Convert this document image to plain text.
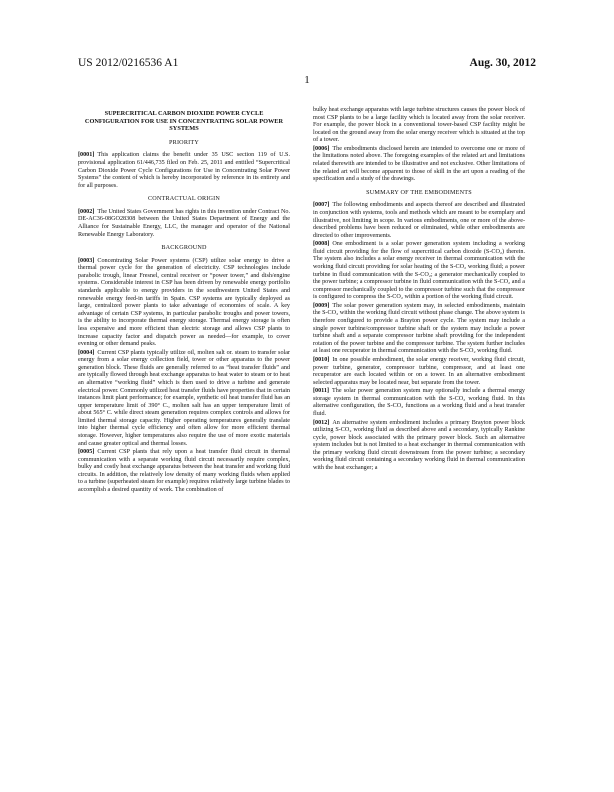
US 2012/0216536 A1	Aug. 30, 2012
1
SUPERCRITICAL CARBON DIOXIDE POWER CYCLE CONFIGURATION FOR USE IN CONCENTRATING SOLAR POWER SYSTEMS
PRIORITY
[0001] This application claims the benefit under 35 USC section 119 of U.S. provisional application 61/446,735 filed on Feb. 25, 2011 and entitled “Supercritical Carbon Dioxide Power Cycle Configurations for Use in Concentrating Solar Power Systems” the content of which is hereby incorporated by reference in its entirety and for all purposes.
CONTRACTUAL ORIGIN
[0002] The United States Government has rights in this invention under Contract No. DE-AC36-08GO28308 between the United States Department of Energy and the Alliance for Sustainable Energy, LLC, the manager and operator of the National Renewable Energy Laboratory.
BACKGROUND
[0003] Concentrating Solar Power systems (CSP) utilize solar energy to drive a thermal power cycle for the generation of electricity. CSP technologies include parabolic trough, linear Fresnel, central receiver or “power tower,” and dish/engine systems. Considerable interest in CSP has been driven by renewable energy portfolio standards applicable to energy providers in the southwestern United States and renewable energy feed-in tariffs in Spain. CSP systems are typically deployed as large, centralized power plants to take advantage of economies of scale. A key advantage of certain CSP systems, in particular parabolic troughs and power towers, is the ability to incorporate thermal energy storage. Thermal energy storage is often less expensive and more efficient than electric storage and allows CSP plants to increase capacity factor and dispatch power as needed—for example, to cover evening or other demand peaks.
[0004] Current CSP plants typically utilize oil, molten salt or. steam to transfer solar energy from a solar energy collection field, tower or other apparatus to the power generation block. These fluids are generally referred to as “heat transfer fluids” and are typically flowed through heat exchange apparatus to heat water to steam or to heat an alternative “working fluid” which is then used to drive a turbine and generate electrical power. Commonly utilized heat transfer fluids have properties that in certain instances limit plant performance; for example, synthetic oil heat transfer fluid has an upper temperature limit of 390° C., molten salt has an upper temperature limit of about 565° C. while direct steam generation requires complex controls and allows for limited thermal storage capacity. Higher operating temperatures generally translate into higher thermal cycle efficiency and often allow for more efficient thermal storage. However, higher temperatures also require the use of more exotic materials and cause greater optical and thermal losses.
[0005] Current CSP plants that rely upon a heat transfer fluid circuit in thermal communication with a separate working fluid circuit necessarily require complex, bulky and costly heat exchange apparatus between the heat transfer and working fluid circuits. In addition, the relatively low density of many working fluids when applied to a turbine (superheated steam for example) requires relatively large turbine blades to accomplish a desired quantity of work. The combination of
bulky heat exchange apparatus with large turbine structures causes the power block of most CSP plants to be a large facility which is located away from the solar receiver. For example, the power block in a conventional tower-based CSP facility might be located on the ground away from the solar energy receiver which is situated at the top of a tower.
[0006] The embodiments disclosed herein are intended to overcome one or more of the limitations noted above. The foregoing examples of the related art and limitations related therewith are intended to be illustrative and not exclusive. Other limitations of the related art will become apparent to those of skill in the art upon a reading of the specification and a study of the drawings.
SUMMARY OF THE EMBODIMENTS
[0007] The following embodiments and aspects thereof are described and illustrated in conjunction with systems, tools and methods which are meant to be exemplary and illustrative, not limiting in scope. In various embodiments, one or more of the above-described problems have been reduced or eliminated, while other embodiments are directed to other improvements.
[0008] One embodiment is a solar power generation system including a working fluid circuit providing for the flow of supercritical carbon dioxide (S-CO₂) therein. The system also includes a solar energy receiver in thermal communication with the working fluid circuit providing for solar heating of the S-CO₂ working fluid; a power turbine in fluid communication with the S-CO₂; a generator mechanically coupled to the power turbine; a compressor turbine in fluid communication with the S-CO₂ and a compressor mechanically coupled to the compressor turbine such that the compressor is configured to compress the S-CO₂ within a portion of the working fluid circuit.
[0009] The solar power generation system may, in selected embodiments, maintain the S-CO₂ within the working fluid circuit without phase change. The above system is therefore configured to provide a Brayton power cycle. The system may include a single power turbine/compressor turbine shaft or the system may include a power turbine shaft and a separate compressor turbine shaft providing for the independent rotation of the power turbine and the compressor turbine. The system further includes at least one recuperator in thermal communication with the S-CO₂ working fluid.
[0010] In one possible embodiment, the solar energy receiver, working fluid circuit, power turbine, generator, compressor turbine, compressor, and at least one recuperator are each located within or on a tower. In an alternative embodiment selected apparatus may be located near, but separate from the tower.
[0011] The solar power generation system may optionally include a thermal energy storage system in thermal communication with the S-CO₂ working fluid. In this alternative configuration, the S-CO₂ functions as a working fluid and a heat transfer fluid.
[0012] An alternative system embodiment includes a primary Brayton power block utilizing S-CO₂ working fluid as described above and a secondary, typically Rankine cycle, power block associated with the primary power block. Such an alternative system includes but is not limited to a heat exchanger in thermal communication with the primary working fluid circuit downstream from the power turbine; a secondary working fluid circuit containing a secondary working fluid in thermal communication with the heat exchanger; a
